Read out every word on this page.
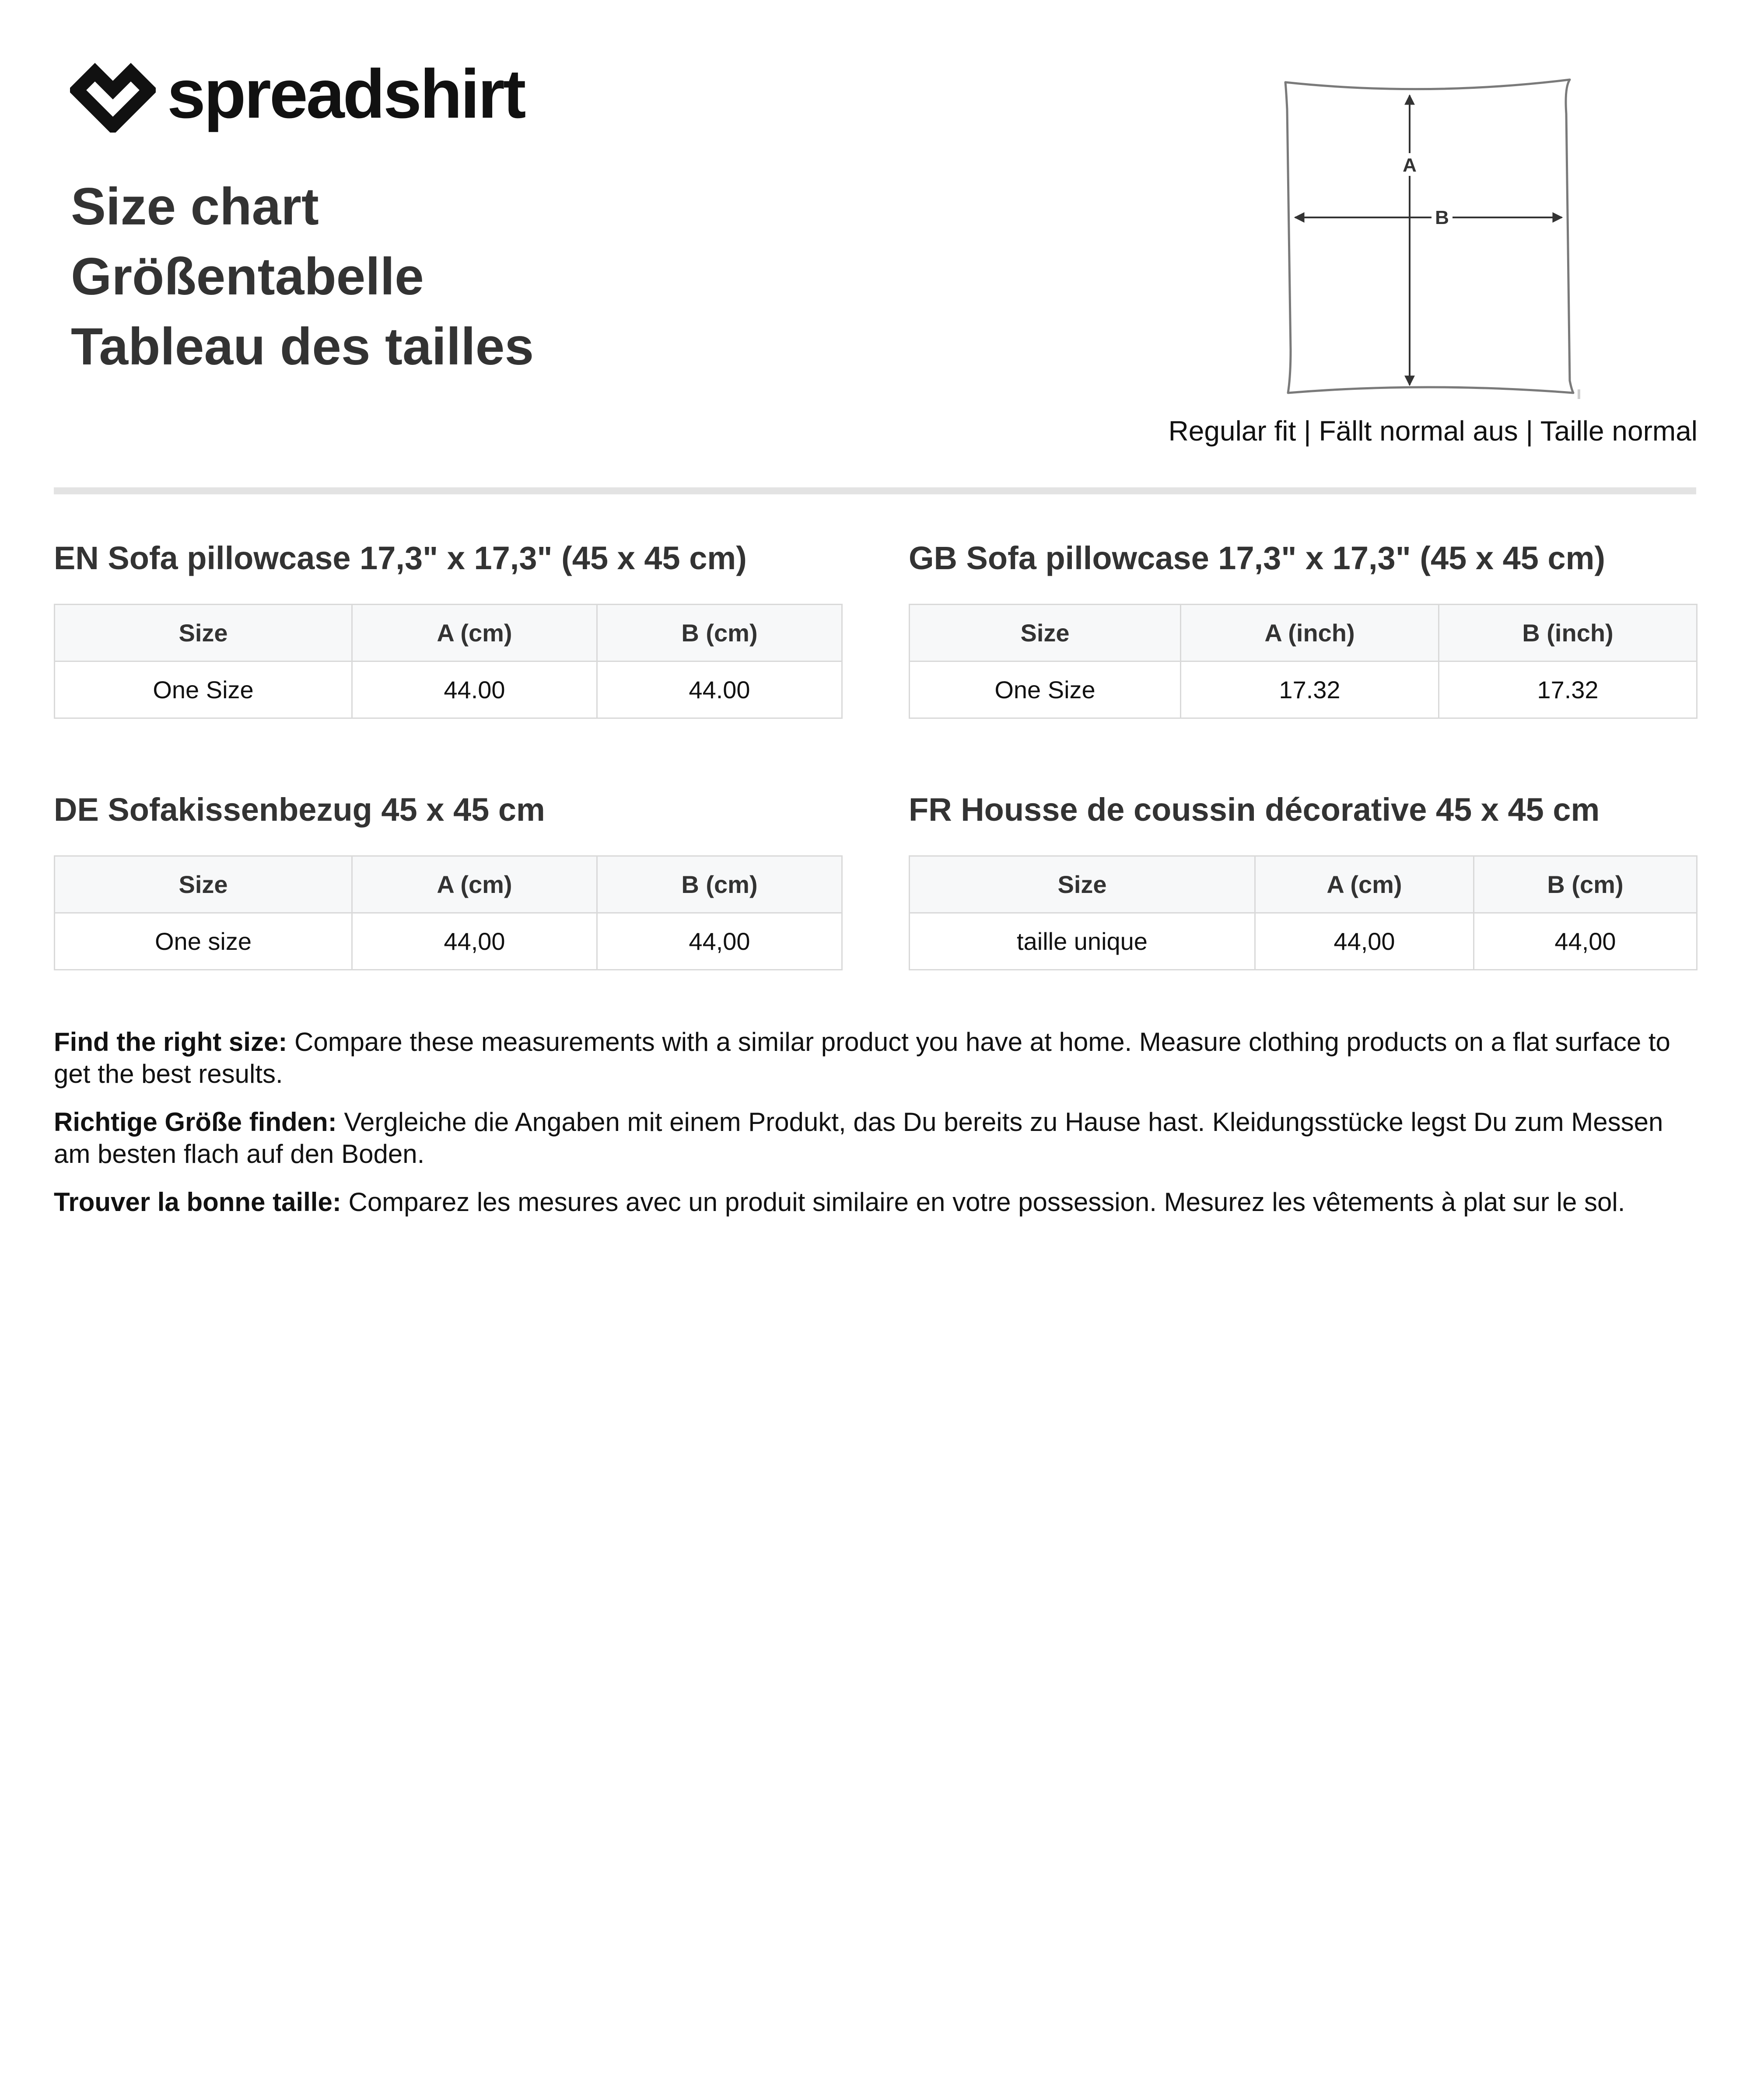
spreadshirt
Size chart
Größentabelle
Tableau des tailles
A
B
Regular fit | Fällt normal aus | Taille normal
EN Sofa pillowcase 17,3" x 17,3" (45 x 45 cm)
Size	A (cm)	B (cm)
One Size	44.00	44.00
GB Sofa pillowcase 17,3" x 17,3" (45 x 45 cm)
Size	A (inch)	B (inch)
One Size	17.32	17.32
DE Sofakissenbezug 45 x 45 cm
Size	A (cm)	B (cm)
One size	44,00	44,00
FR Housse de coussin décorative 45 x 45 cm
Size	A (cm)	B (cm)
taille unique	44,00	44,00
Find the right size: Compare these measurements with a similar product you have at home. Measure clothing products on a flat surface to get the best results.
Richtige Größe finden: Vergleiche die Angaben mit einem Produkt, das Du bereits zu Hause hast. Kleidungsstücke legst Du zum Messen am besten flach auf den Boden.
Trouver la bonne taille: Comparez les mesures avec un produit similaire en votre possession. Mesurez les vêtements à plat sur le sol.
